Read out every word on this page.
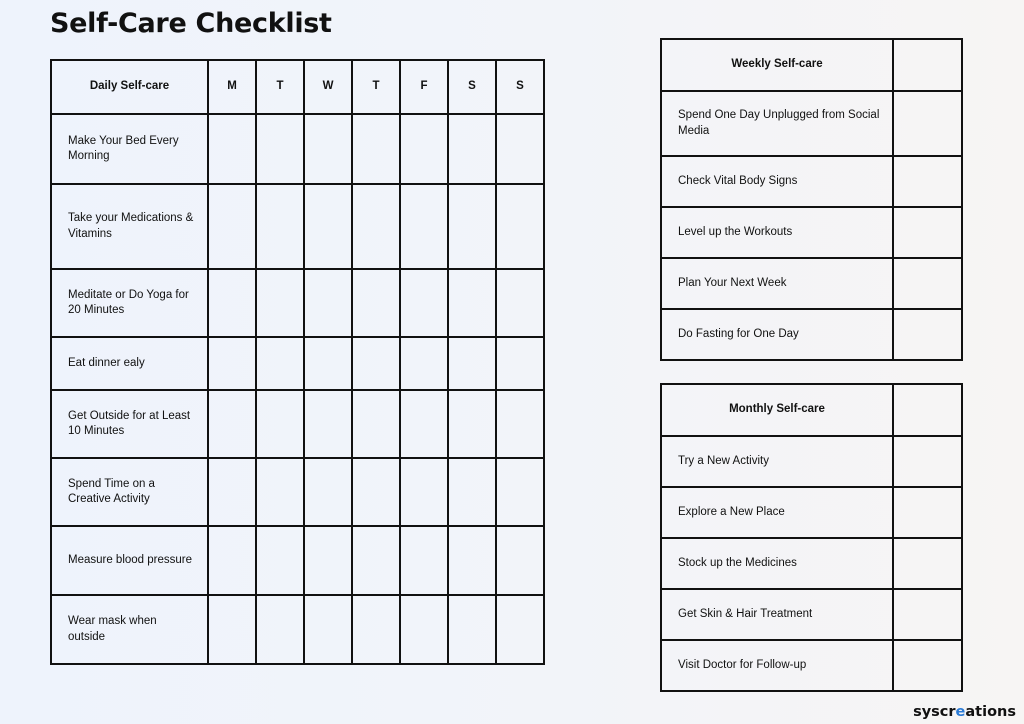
Self-Care Checklist
Daily Self-care	M	T	W	T	F	S	S
Make Your Bed Every Morning							
Take your Medications & Vitamins							
Meditate or Do Yoga for 20 Minutes							
Eat dinner ealy							
Get Outside for at Least 10 Minutes							
Spend Time on a Creative Activity							
Measure blood pressure							
Wear mask when outside							
Weekly Self-care	
Spend One Day Unplugged from Social Media	
Check Vital Body Signs	
Level up the Workouts	
Plan Your Next Week	
Do Fasting for One Day	
Monthly Self-care	
Try a New Activity	
Explore a New Place	
Stock up the Medicines	
Get Skin & Hair Treatment	
Visit Doctor for Follow-up	
syscreations
